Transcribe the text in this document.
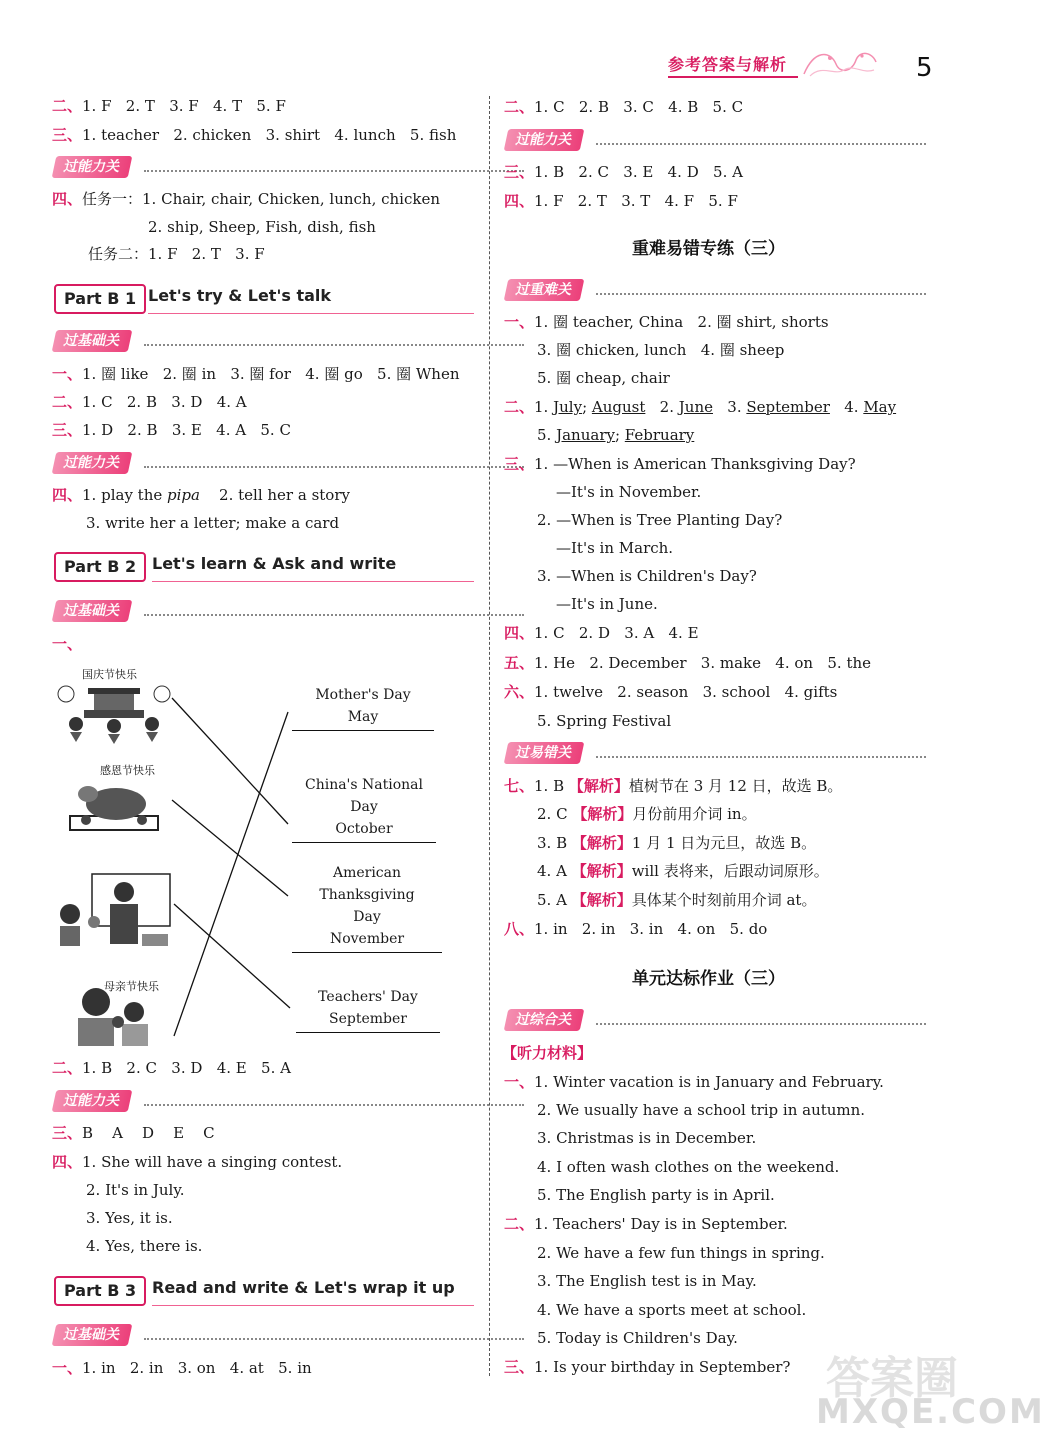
参考答案与解析	5
二、1. F   2. T   3. F   4. T   5. F
三、1. teacher   2. chicken   3. shirt   4. lunch   5. fish
过能力关
四、任务一：1. Chair, chair, Chicken, lunch, chicken
2. ship, Sheep, Fish, dish, fish
任务二：1. F   2. T   3. F
Part B 1 Let's try & Let's talk
过基础关
一、1. 圈 like   2. 圈 in   3. 圈 for   4. 圈 go   5. 圈 When
二、1. C   2. B   3. D   4. A
三、1. D   2. B   3. E   4. A   5. C
过能力关
四、1. play the pipa    2. tell her a story
3. write her a letter; make a card
Part B 2 Let's learn & Ask and write
过基础关
一、
国庆节快乐
感恩节快乐
母亲节快乐
Mother's Day
May
China's National Day
October
American Thanksgiving
Day
November
Teachers' Day
September
二、1. B   2. C   3. D   4. E   5. A
过能力关
三、B    A    D    E    C
四、1. She will have a singing contest.
2. It's in July.
3. Yes, it is.
4. Yes, there is.
Part B 3 Read and write & Let's wrap it up
过基础关
一、1. in   2. in   3. on   4. at   5. in
二、1. C   2. B   3. C   4. B   5. C
过能力关
三、1. B   2. C   3. E   4. D   5. A
四、1. F   2. T   3. T   4. F   5. F
重难易错专练（三）
过重难关
一、1. 圈 teacher, China   2. 圈 shirt, shorts
3. 圈 chicken, lunch   4. 圈 sheep
5. 圈 cheap, chair
二、1. July; August   2. June   3. September   4. May
5. January; February
三、1. —When is American Thanksgiving Day?
—It's in November.
2. —When is Tree Planting Day?
—It's in March.
3. —When is Children's Day?
—It's in June.
四、1. C   2. D   3. A   4. E
五、1. He   2. December   3. make   4. on   5. the
六、1. twelve   2. season   3. school   4. gifts
5. Spring Festival
过易错关
七、1. B 【解析】植树节在 3 月 12 日，故选 B。
2. C 【解析】月份前用介词 in。
3. B 【解析】1 月 1 日为元旦，故选 B。
4. A 【解析】will 表将来，后跟动词原形。
5. A 【解析】具体某个时刻前用介词 at。
八、1. in   2. in   3. in   4. on   5. do
单元达标作业（三）
过综合关
【听力材料】
一、1. Winter vacation is in January and February.
2. We usually have a school trip in autumn.
3. Christmas is in December.
4. I often wash clothes on the weekend.
5. The English party is in April.
二、1. Teachers' Day is in September.
2. We have a few fun things in spring.
3. The English test is in May.
4. We have a sports meet at school.
5. Today is Children's Day.
三、1. Is your birthday in September? 答案圈
MXQE.COM
